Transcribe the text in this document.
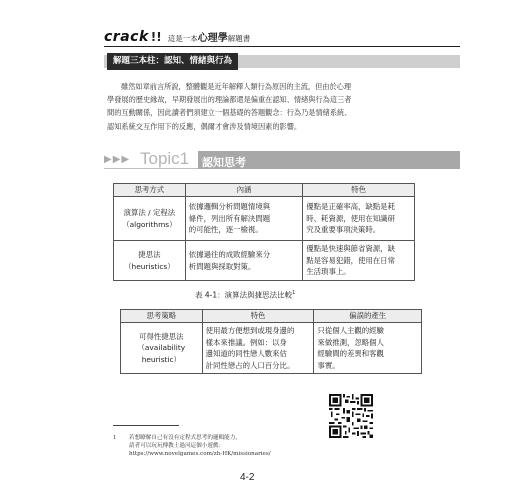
crack !! 這是一本心理學解題書
解題三本柱：認知、情緒與行為
雖然如章前言所說，整體觀是近年解釋人類行為原因的主流，但由於心理
學發展的歷史緣故，早期發展出的理論都還是偏重在認知、情緒與行為這三者
間的互動關係，因此讀者們須建立一個基礎的答題觀念：行為乃是情緒系統、
認知系統交互作用下的反應，偶爾才會涉及情境因素的影響。
▶▶▶ Topic1	認知思考
思考方式	內涵	特色

演算法 / 定程法
（algorithms）	依據邏輯分析問題情境與
條件，列出所有解決問題
的可能性，逐一檢視。	優點是正確率高，缺點是耗
時、耗資源，使用在知識研
究及重要事項決策時。

捷思法
（heuristics）	依據過往的成敗經驗來分
析問題與採取對策。	優點是快速與節省資源，缺
點是容易犯錯，使用在日常
生活瑣事上。
表 4-1：演算法與捷思法比較$^1$
思考策略	特色	偏誤的產生

可得性捷思法
（availability
heuristic）	使用最方便想到或現身邊的
樣本來推議。例如：以身
邊知道的同性戀人數來估
計同性戀占的人口百分比。	只從個人主觀的經驗
來做推測，忽略個人
經驗間的差異和客觀
事實。
1 若想瞭解自己有沒有定程式思考的邏輯能力，
請者可以玩玩傳教士過河這個小遊戲：
https://www.novelgames.com/zh-HK/missionaries/
4-2
